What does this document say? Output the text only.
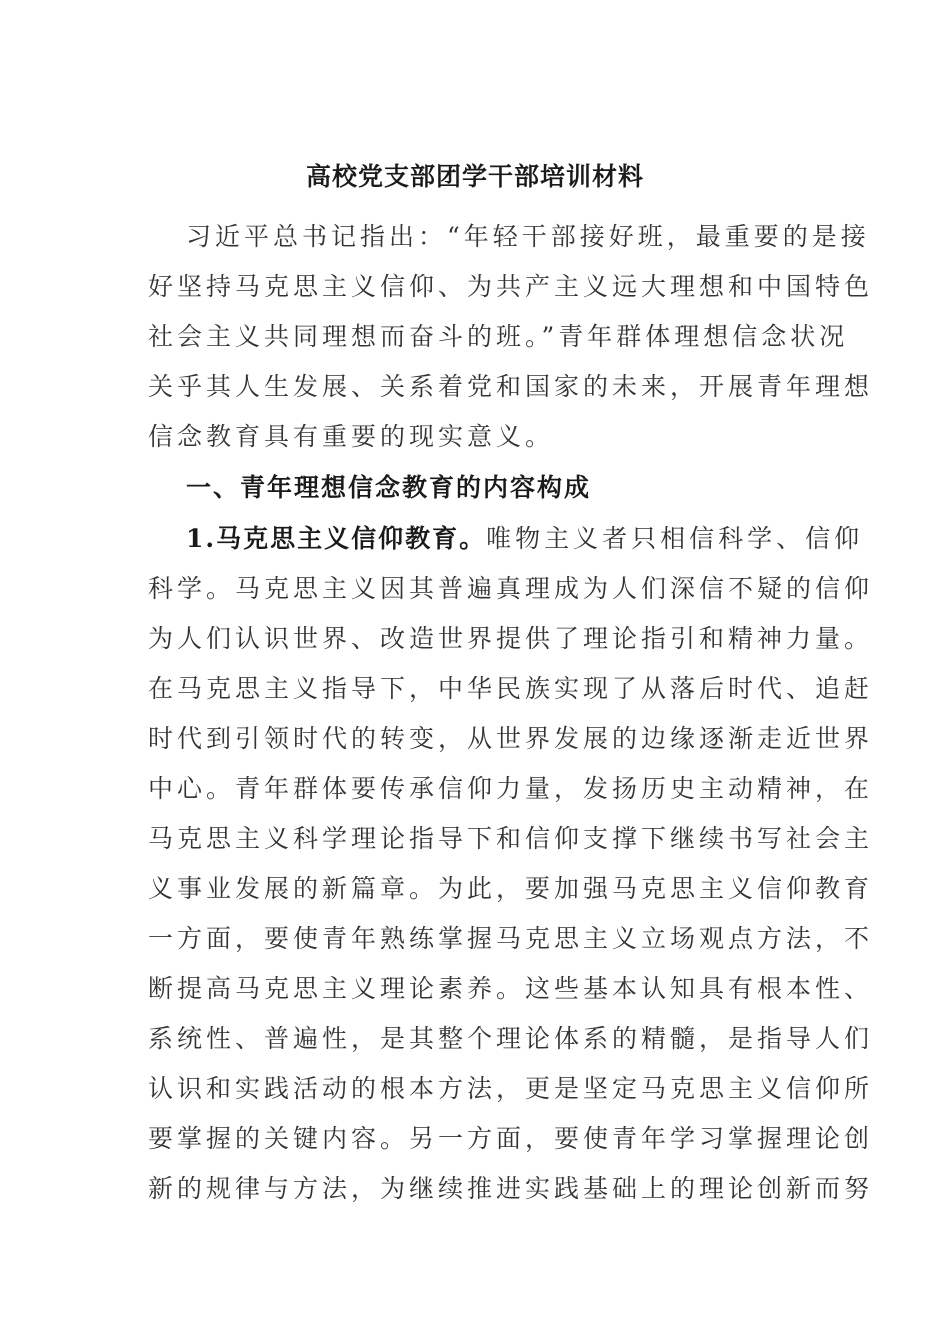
高校党支部团学干部培训材料
习近平总书记指出：“年轻干部接好班，最重要的是接
好坚持马克思主义信仰、为共产主义远大理想和中国特色
社会主义共同理想而奋斗的班。”青年群体理想信念状况
关乎其人生发展、关系着党和国家的未来，开展青年理想
信念教育具有重要的现实意义。
一、青年理想信念教育的内容构成
1.马克思主义信仰教育。唯物主义者只相信科学、信仰
科学。马克思主义因其普遍真理成为人们深信不疑的信仰
为人们认识世界、改造世界提供了理论指引和精神力量。
在马克思主义指导下，中华民族实现了从落后时代、追赶
时代到引领时代的转变，从世界发展的边缘逐渐走近世界
中心。青年群体要传承信仰力量，发扬历史主动精神，在
马克思主义科学理论指导下和信仰支撑下继续书写社会主
义事业发展的新篇章。为此，要加强马克思主义信仰教育
一方面，要使青年熟练掌握马克思主义立场观点方法，不
断提高马克思主义理论素养。这些基本认知具有根本性、
系统性、普遍性，是其整个理论体系的精髓，是指导人们
认识和实践活动的根本方法，更是坚定马克思主义信仰所
要掌握的关键内容。另一方面，要使青年学习掌握理论创
新的规律与方法，为继续推进实践基础上的理论创新而努
